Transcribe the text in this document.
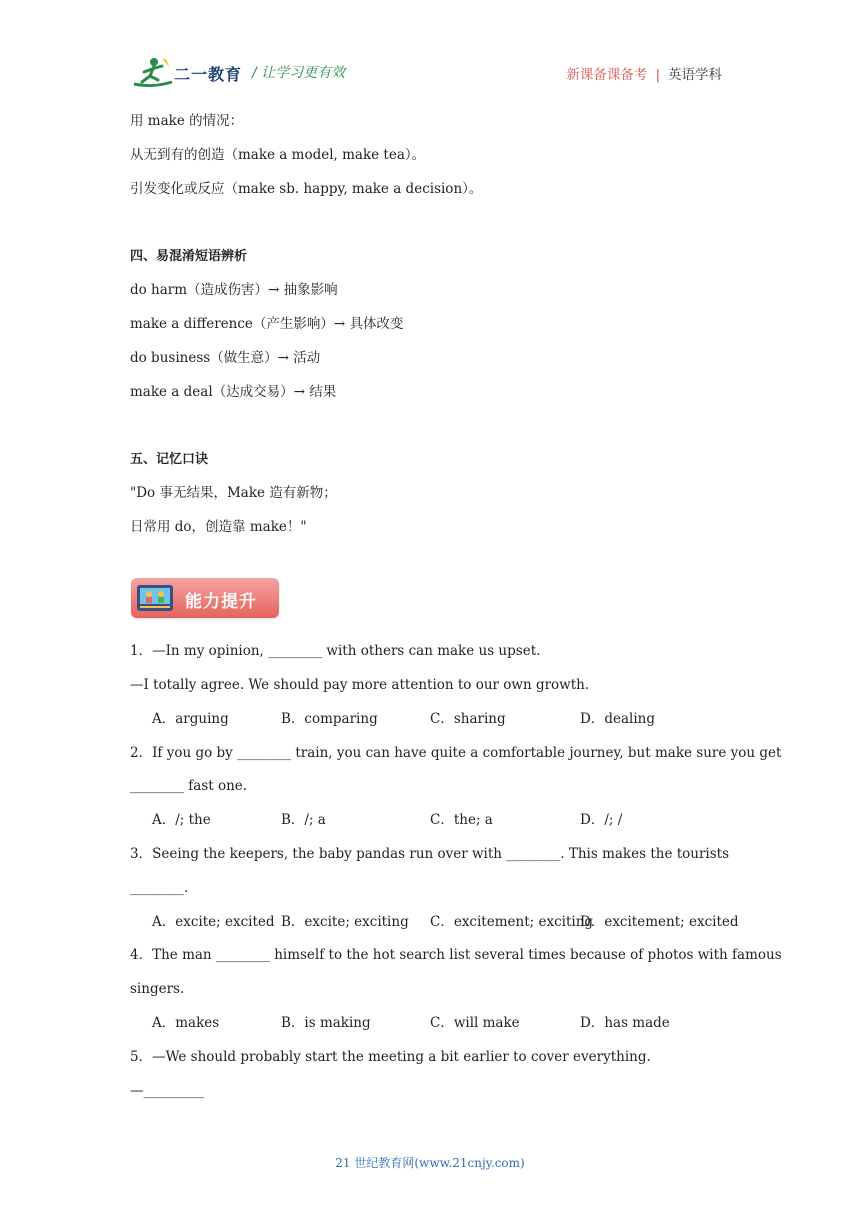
二一教育 / 让学习更有效	新课备课备考 | 英语学科
用 make 的情况：
从无到有的创造（make a model, make tea）。
引发变化或反应（make sb. happy, make a decision）。
四、易混淆短语辨析
do harm（造成伤害）→ 抽象影响
make a difference（产生影响）→ 具体改变
do business（做生意）→ 活动
make a deal（达成交易）→ 结果
五、记忆口诀
"Do 事无结果，Make 造有新物；
日常用 do，创造靠 make！"
能力提升
1．—In my opinion, ________ with others can make us upset.
—I totally agree. We should pay more attention to our own growth.
A．arguing	B．comparing	C．sharing	D．dealing
2．If you go by ________ train, you can have quite a comfortable journey, but make sure you get
________ fast one.
A．/; the	B．/; a	C．the; a	D．/; /
3．Seeing the keepers, the baby pandas run over with ________. This makes the tourists
________.
A．excite; excited B．excite; exciting C．excitement; exciting
D．excitement; excited
4．The man ________ himself to the hot search list several times because of photos with famous
singers.
A．makes	B．is making	C．will make	D．has made
5．—We should probably start the meeting a bit earlier to cover everything.
—_________
21 世纪教育网(www.21cnjy.com)
